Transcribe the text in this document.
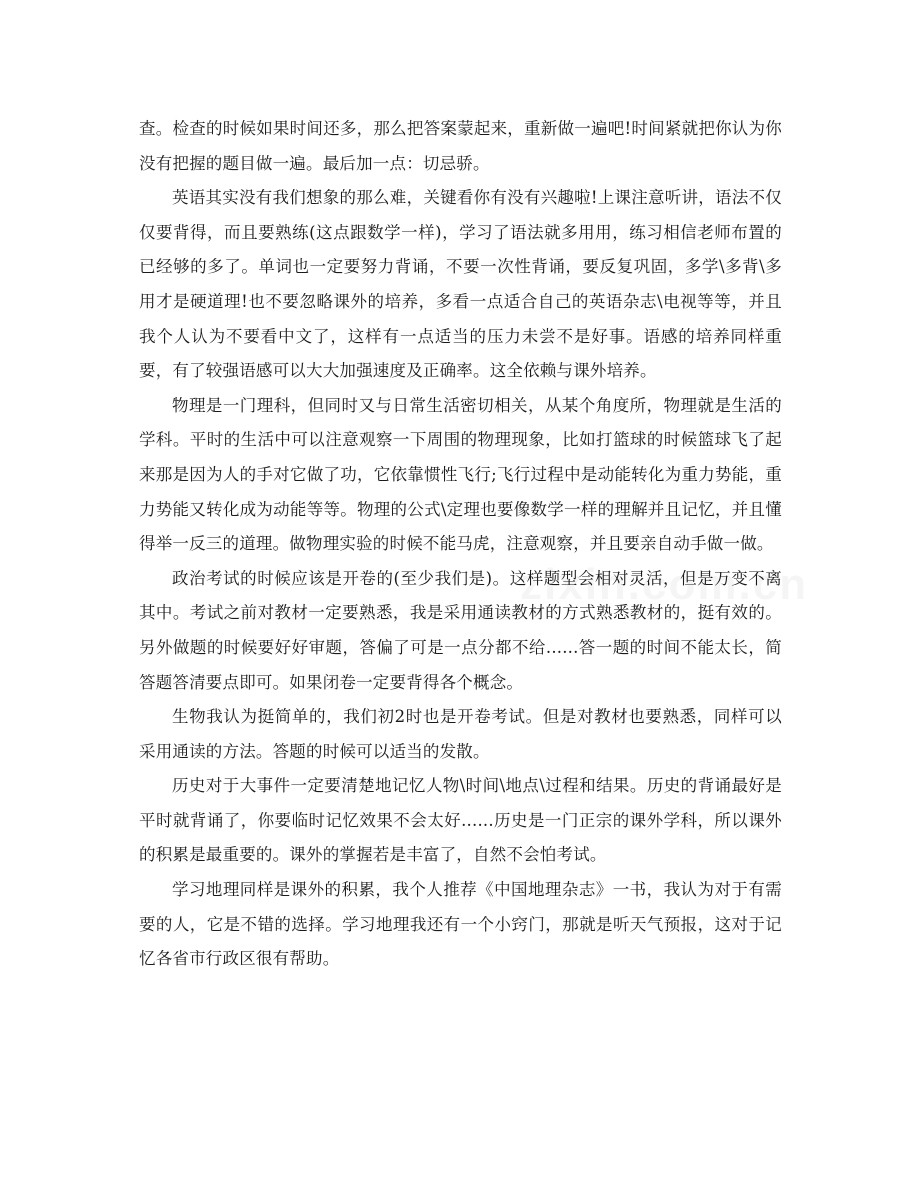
查。检查的时候如果时间还多，那么把答案蒙起来，重新做一遍吧!时间紧就把你认为你没有把握的题目做一遍。最后加一点：切忌骄。

英语其实没有我们想象的那么难，关键看你有没有兴趣啦!上课注意听讲，语法不仅仅要背得，而且要熟练(这点跟数学一样)，学习了语法就多用用，练习相信老师布置的已经够的多了。单词也一定要努力背诵，不要一次性背诵，要反复巩固，多学\多背\多用才是硬道理!也不要忽略课外的培养，多看一点适合自己的英语杂志\电视等等，并且我个人认为不要看中文了，这样有一点适当的压力未尝不是好事。语感的培养同样重要，有了较强语感可以大大加强速度及正确率。这全依赖与课外培养。

物理是一门理科，但同时又与日常生活密切相关，从某个角度所，物理就是生活的学科。平时的生活中可以注意观察一下周围的物理现象，比如打篮球的时候篮球飞了起来那是因为人的手对它做了功，它依靠惯性飞行;飞行过程中是动能转化为重力势能，重力势能又转化成为动能等等。物理的公式\定理也要像数学一样的理解并且记忆，并且懂得举一反三的道理。做物理实验的时候不能马虎，注意观察，并且要亲自动手做一做。

政治考试的时候应该是开卷的(至少我们是)。这样题型会相对灵活，但是万变不离其中。考试之前对教材一定要熟悉，我是采用通读教材的方式熟悉教材的，挺有效的。另外做题的时候要好好审题，答偏了可是一点分都不给......答一题的时间不能太长，简答题答清要点即可。如果闭卷一定要背得各个概念。

生物我认为挺简单的，我们初2时也是开卷考试。但是对教材也要熟悉，同样可以采用通读的方法。答题的时候可以适当的发散。

历史对于大事件一定要清楚地记忆人物\时间\地点\过程和结果。历史的背诵最好是平时就背诵了，你要临时记忆效果不会太好......历史是一门正宗的课外学科，所以课外的积累是最重要的。课外的掌握若是丰富了，自然不会怕考试。

学习地理同样是课外的积累，我个人推荐《中国地理杂志》一书，我认为对于有需要的人，它是不错的选择。学习地理我还有一个小窍门，那就是听天气预报，这对于记忆各省市行政区很有帮助。
